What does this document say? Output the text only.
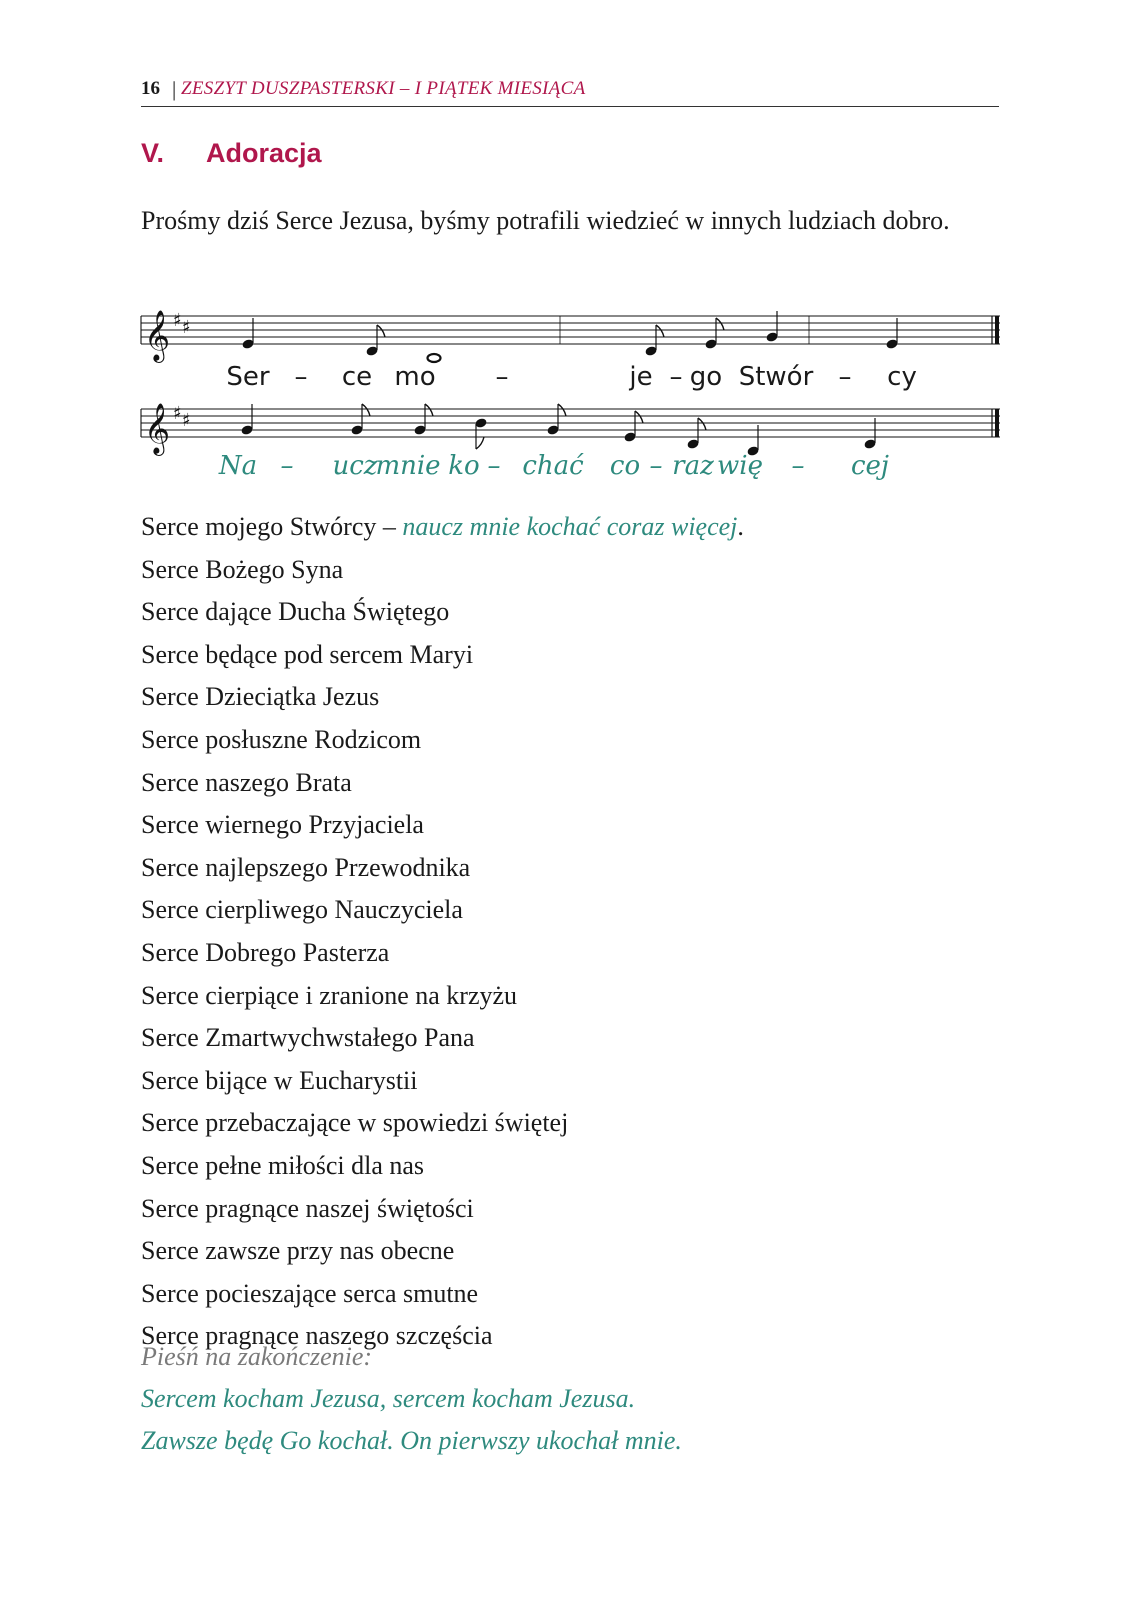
16 | ZESZYT DUSZPASTERSKI – I PIĄTEK MIESIĄCA
V. Adoracja
Prośmy dziś Serce Jezusa, byśmy potrafili wiedzieć w innych ludziach dobro.
𝄞 ♯ ♯
Ser – ce mo –	je – go Stwór – cy
𝄞 ♯ ♯
Na – ucz
mnie ko – chać co – raz wię – cej
Serce mojego Stwórcy – naucz mnie kochać coraz więcej.
Serce Bożego Syna
Serce dające Ducha Świętego
Serce będące pod sercem Maryi
Serce Dzieciątka Jezus
Serce posłuszne Rodzicom
Serce naszego Brata
Serce wiernego Przyjaciela
Serce najlepszego Przewodnika
Serce cierpliwego Nauczyciela
Serce Dobrego Pasterza
Serce cierpiące i zranione na krzyżu
Serce Zmartwychwstałego Pana
Serce bijące w Eucharystii
Serce przebaczające w spowiedzi świętej
Serce pełne miłości dla nas
Serce pragnące naszej świętości
Serce zawsze przy nas obecne
Serce pocieszające serca smutne
Serce pragnące naszego szczęścia
Pieśń na zakończenie:
Sercem kocham Jezusa, sercem kocham Jezusa.
Zawsze będę Go kochał. On pierwszy ukochał mnie.
